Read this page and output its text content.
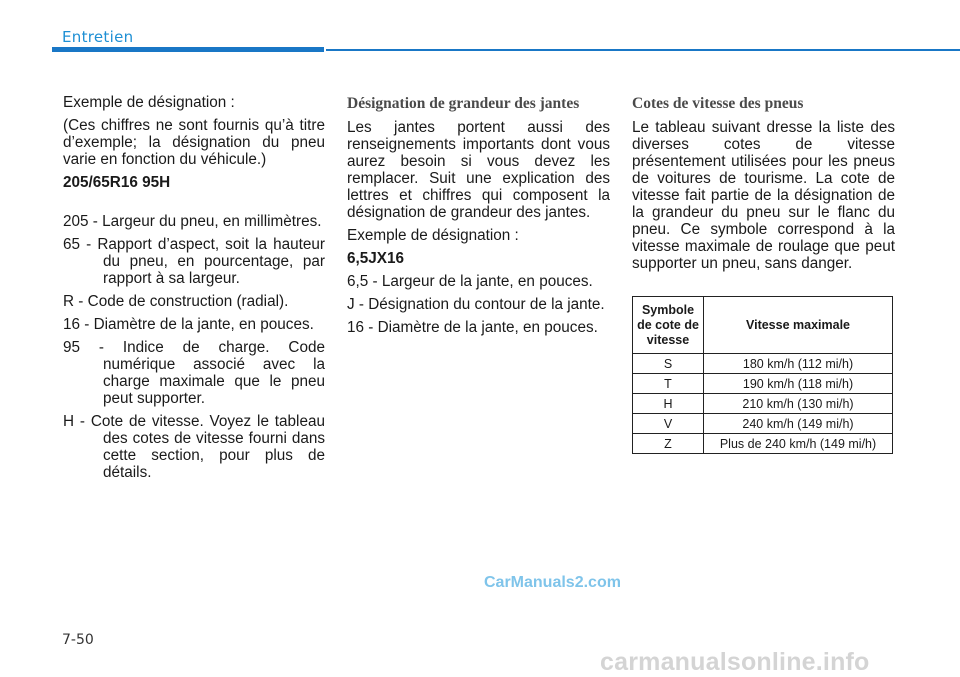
Entretien

Exemple de désignation :

(Ces chiffres ne sont fournis qu’à titre d’exemple; la désignation du pneu varie en fonction du véhicule.)

205/65R16 95H

205 - Largeur du pneu, en millimètres.
65 - Rapport d’aspect, soit la hauteur du pneu, en pourcentage, par rapport à sa largeur.
R - Code de construction (radial).
16 - Diamètre de la jante, en pouces.
95 - Indice de charge. Code numérique associé avec la charge maximale que le pneu peut supporter.
H - Cote de vitesse. Voyez le tableau des cotes de vitesse fourni dans cette section, pour plus de détails.
Désignation de grandeur des jantes

Les jantes portent aussi des renseignements importants dont vous aurez besoin si vous devez les remplacer. Suit une explication des lettres et chiffres qui composent la désignation de grandeur des jantes.

Exemple de désignation :

6,5JX16

6,5 - Largeur de la jante, en pouces.
J - Désignation du contour de la jante.
16 - Diamètre de la jante, en pouces.
Cotes de vitesse des pneus

Le tableau suivant dresse la liste des diverses cotes de vitesse présentement utilisées pour les pneus de voitures de tourisme. La cote de vitesse fait partie de la désignation de la grandeur du pneu sur le flanc du pneu. Ce symbole correspond à la vitesse maximale de roulage que peut supporter un pneu, sans danger.

Symbole de cote de vitesse	Vitesse maximale
S	180 km/h (112 mi/h)
T	190 km/h (118 mi/h)
H	210 km/h (130 mi/h)
V	240 km/h (149 mi/h)
Z	Plus de 240 km/h (149 mi/h)
CarManuals2.com
7-50
carmanualsonline.info
